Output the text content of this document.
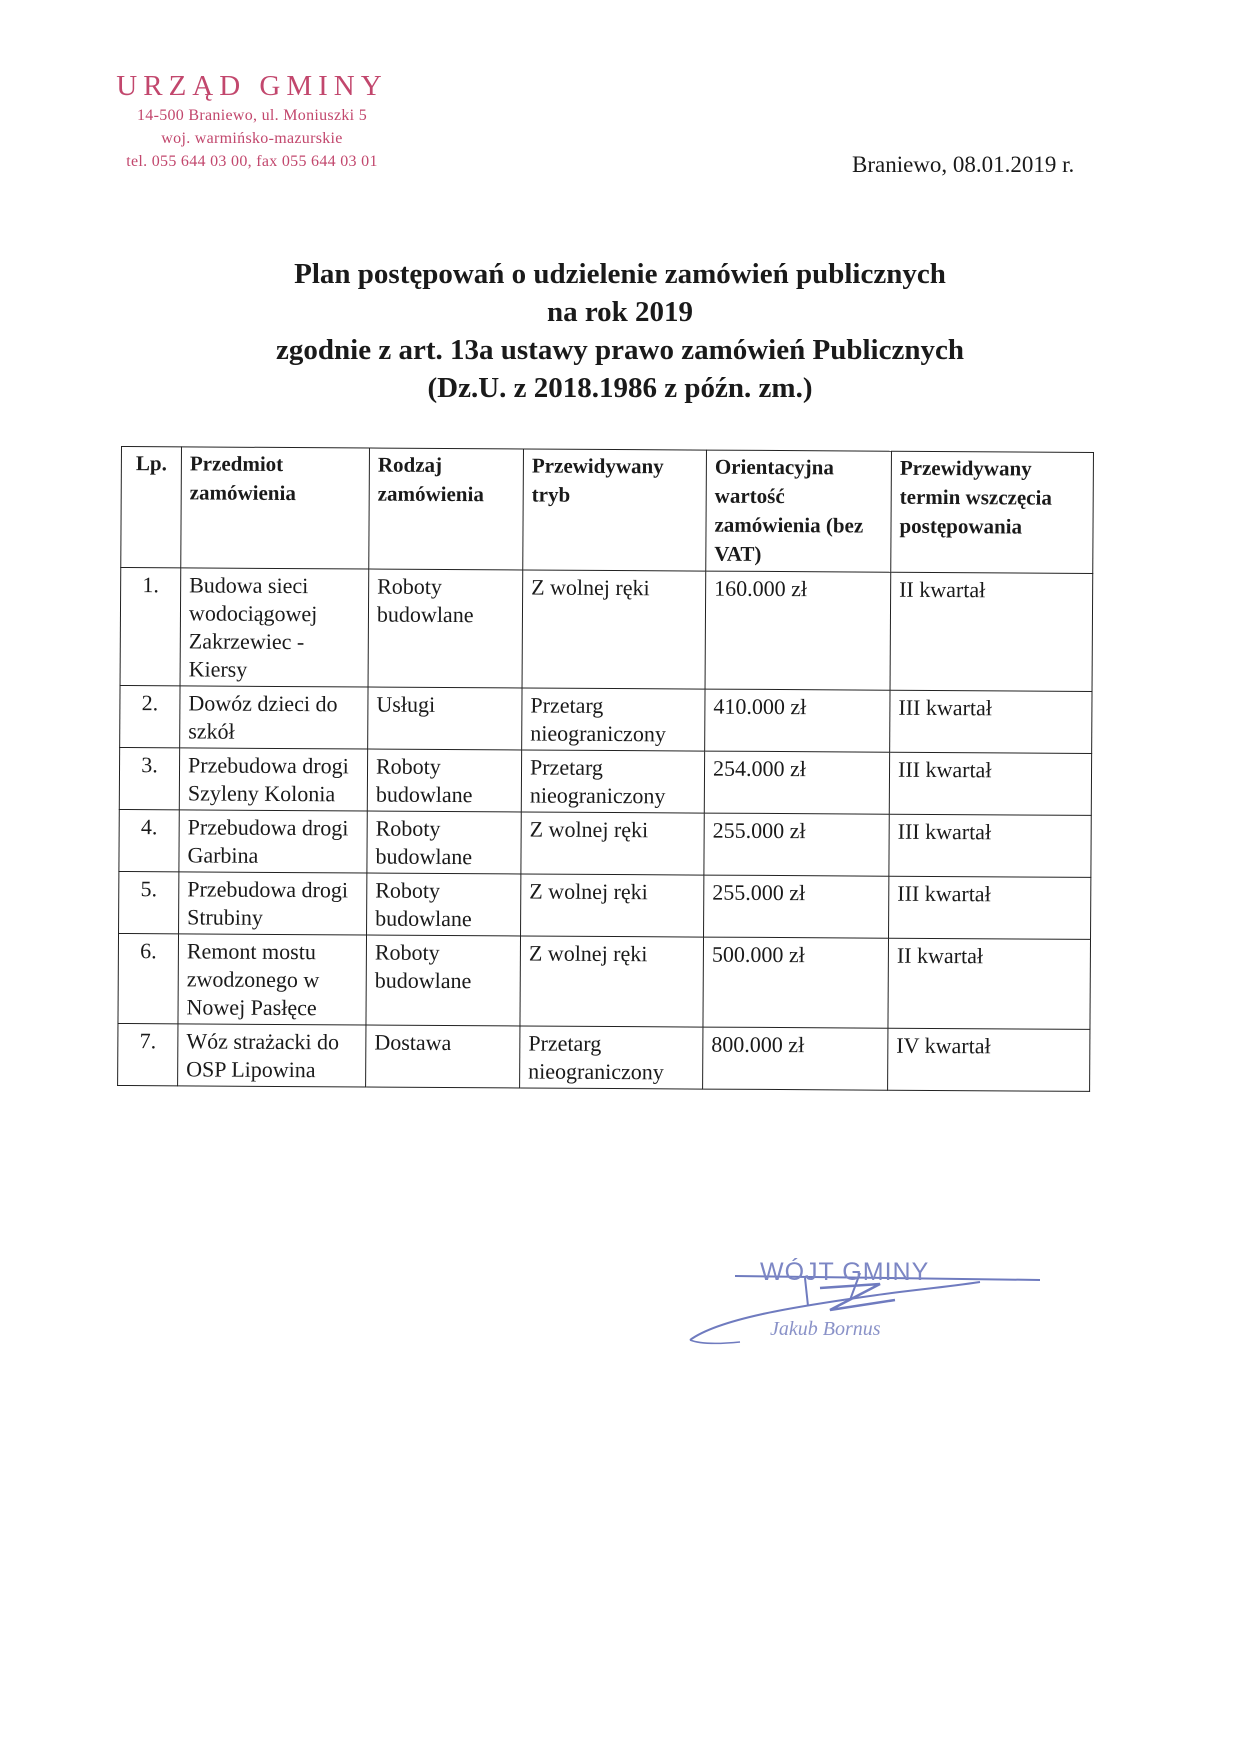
URZĄD GMINY
14-500 Braniewo, ul. Moniuszki 5
woj. warmińsko-mazurskie
tel. 055 644 03 00, fax 055 644 03 01	Braniewo, 08.01.2019 r.
Plan postępowań o udzielenie zamówień publicznych
na rok 2019
zgodnie z art. 13a ustawy prawo zamówień Publicznych
(Dz.U. z 2018.1986 z późn. zm.)
Lp.	Przedmiot zamówienia	Rodzaj zamówienia	Przewidywany tryb	Orientacyjna wartość zamówienia (bez VAT)	Przewidywany termin wszczęcia postępowania
1.	Budowa sieci wodociągowej Zakrzewiec - Kiersy	Roboty budowlane	Z wolnej ręki	160.000 zł	II kwartał
2.	Dowóz dzieci do szkół	Usługi	Przetarg nieograniczony	410.000 zł	III kwartał
3.	Przebudowa drogi Szyleny Kolonia	Roboty budowlane	Przetarg nieograniczony	254.000 zł	III kwartał
4.	Przebudowa drogi Garbina	Roboty budowlane	Z wolnej ręki	255.000 zł	III kwartał
5.	Przebudowa drogi Strubiny	Roboty budowlane	Z wolnej ręki	255.000 zł	III kwartał
6.	Remont mostu zwodzonego w Nowej Pasłęce	Roboty budowlane	Z wolnej ręki	500.000 zł	II kwartał
7.	Wóz strażacki do OSP Lipowina	Dostawa	Przetarg nieograniczony	800.000 zł	IV kwartał
WÓJT GMINY
Jakub Bornus
